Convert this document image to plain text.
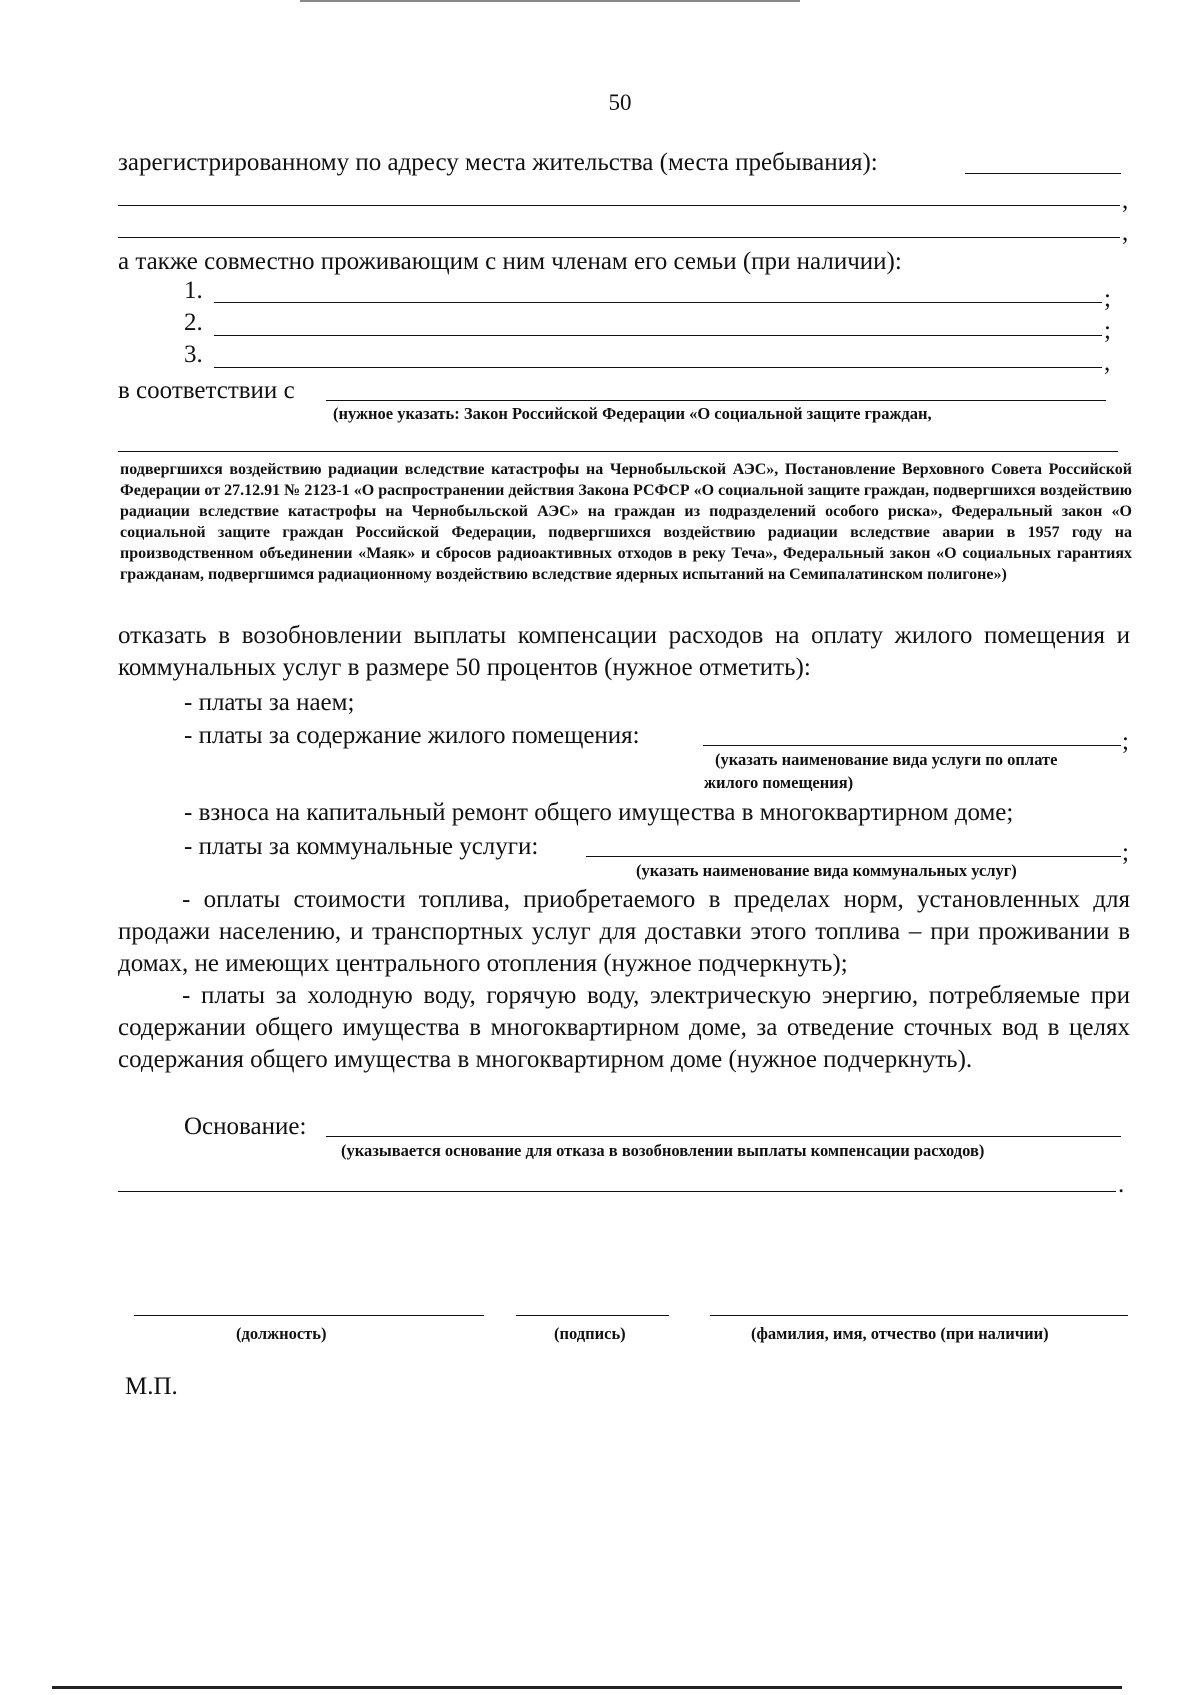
50
зарегистрированному по адресу места жительства (места пребывания):
,
,
а также совместно проживающим с ним членам его семьи (при наличии):
1.	;
2.	;
3.	,
в соответствии с
(нужное указать: Закон Российской Федерации «О социальной защите граждан,
подвергшихся воздействию радиации вследствие катастрофы на Чернобыльской АЭС», Постановление Верховного Совета Российской Федерации от 27.12.91 № 2123-1 «О распространении действия Закона РСФСР «О социальной защите граждан, подвергшихся воздействию радиации вследствие катастрофы на Чернобыльской АЭС» на граждан из подразделений особого риска», Федеральный закон «О социальной защите граждан Российской Федерации, подвергшихся воздействию радиации вследствие аварии в 1957 году на производственном объединении «Маяк» и сбросов радиоактивных отходов в реку Теча», Федеральный закон «О социальных гарантиях гражданам, подвергшимся радиационному воздействию вследствие ядерных испытаний на Семипалатинском полигоне»)
отказать в возобновлении выплаты компенсации расходов на оплату жилого помещения и коммунальных услуг в размере 50 процентов (нужное отметить):
- платы за наем;
- платы за содержание жилого помещения:	;
(указать наименование вида услуги по оплате
жилого помещения)
- взноса на капитальный ремонт общего имущества в многоквартирном доме;
- платы за коммунальные услуги:	;
(указать наименование вида коммунальных услуг)
- оплаты стоимости топлива, приобретаемого в пределах норм, установленных для продажи населению, и транспортных услуг для доставки этого топлива – при проживании в домах, не имеющих центрального отопления (нужное подчеркнуть);
- платы за холодную воду, горячую воду, электрическую энергию, потребляемые при содержании общего имущества в многоквартирном доме, за отведение сточных вод в целях содержания общего имущества в многоквартирном доме (нужное подчеркнуть).
Основание:
(указывается основание для отказа в возобновлении выплаты компенсации расходов)
.
(должность)	(подпись)	(фамилия, имя, отчество (при наличии)
М.П.
